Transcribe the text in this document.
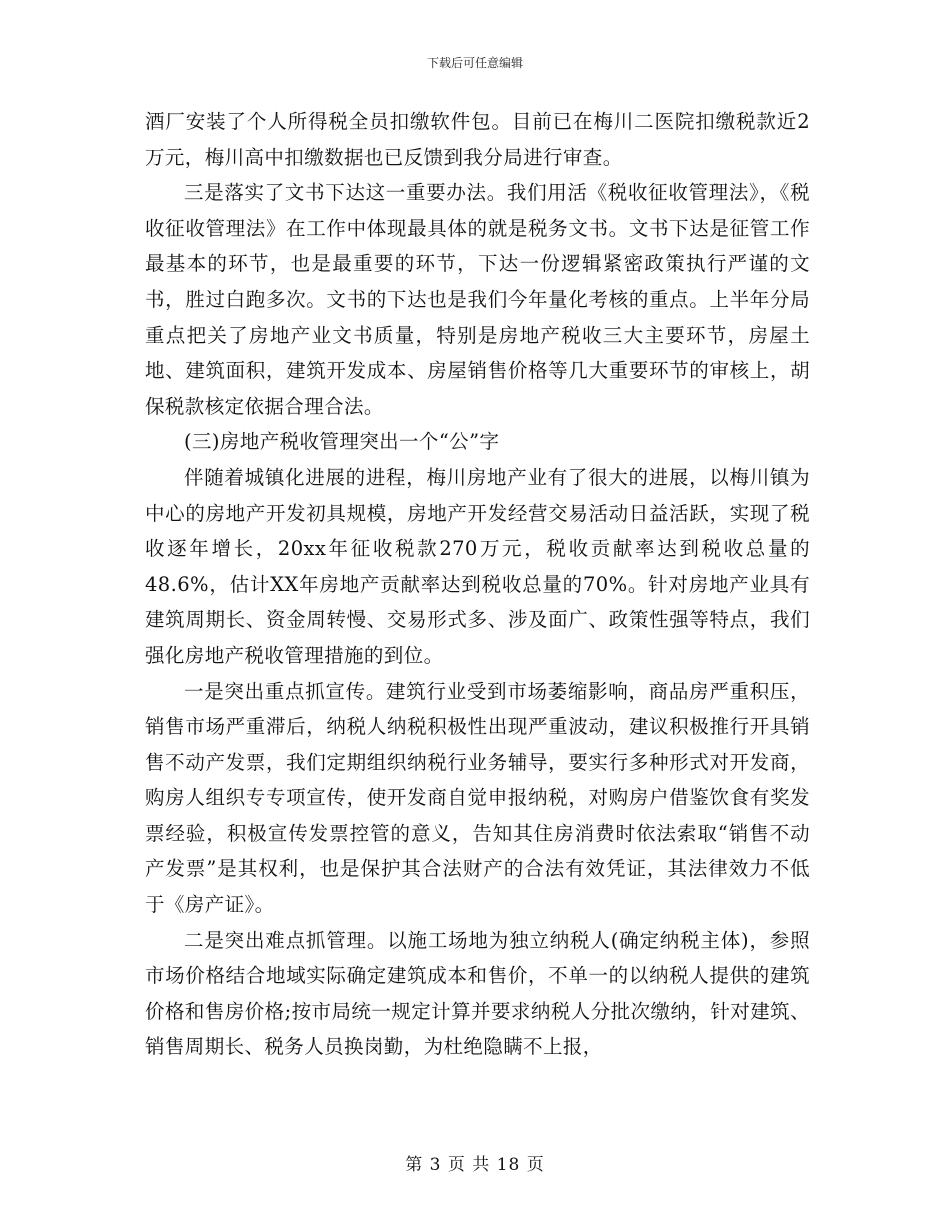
下载后可任意编辑

酒厂安装了个人所得税全员扣缴软件包。目前已在梅川二医院扣缴税款近2万元，梅川高中扣缴数据也已反馈到我分局进行审查。

三是落实了文书下达这一重要办法。我们用活《税收征收管理法》，《税收征收管理法》在工作中体现最具体的就是税务文书。文书下达是征管工作最基本的环节，也是最重要的环节，下达一份逻辑紧密政策执行严谨的文书，胜过白跑多次。文书的下达也是我们今年量化考核的重点。上半年分局重点把关了房地产业文书质量，特别是房地产税收三大主要环节，房屋土地、建筑面积，建筑开发成本、房屋销售价格等几大重要环节的审核上，胡保税款核定依据合理合法。

(三)房地产税收管理突出一个“公”字

伴随着城镇化进展的进程，梅川房地产业有了很大的进展，以梅川镇为中心的房地产开发初具规模，房地产开发经营交易活动日益活跃，实现了税收逐年增长，20xx年征收税款270万元，税收贡献率达到税收总量的48.6%，估计XX年房地产贡献率达到税收总量的70%。针对房地产业具有建筑周期长、资金周转慢、交易形式多、涉及面广、政策性强等特点，我们强化房地产税收管理措施的到位。

一是突出重点抓宣传。建筑行业受到市场萎缩影响，商品房严重积压，销售市场严重滞后，纳税人纳税积极性出现严重波动，建议积极推行开具销售不动产发票，我们定期组织纳税行业务辅导，要实行多种形式对开发商，购房人组织专专项宣传，使开发商自觉申报纳税，对购房户借鉴饮食有奖发票经验，积极宣传发票控管的意义，告知其住房消费时依法索取“销售不动产发票”是其权利，也是保护其合法财产的合法有效凭证，其法律效力不低于《房产证》。

二是突出难点抓管理。以施工场地为独立纳税人(确定纳税主体)，参照市场价格结合地域实际确定建筑成本和售价，不单一的以纳税人提供的建筑价格和售房价格;按市局统一规定计算并要求纳税人分批次缴纳，针对建筑、销售周期长、税务人员换岗勤，为杜绝隐瞒不上报，

第 3 页 共 18 页
